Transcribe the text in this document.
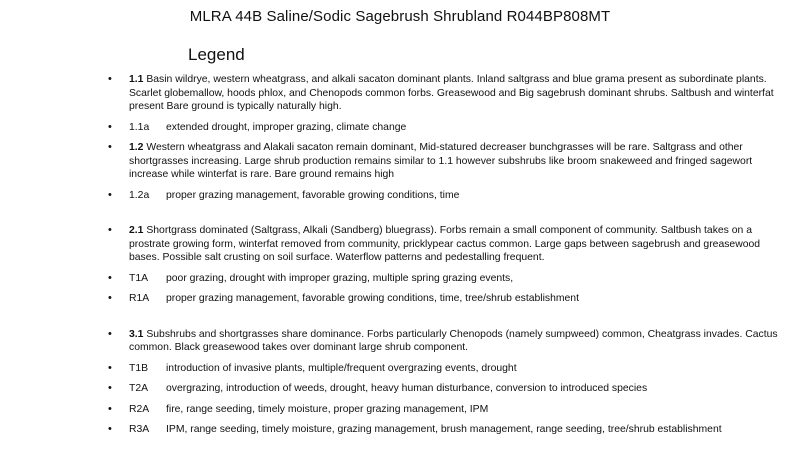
MLRA 44B Saline/Sodic Sagebrush Shrubland R044BP808MT
Legend
• 1.1 Basin wildrye, western wheatgrass, and alkali sacaton dominant plants. Inland saltgrass and blue grama present as subordinate plants. Scarlet globemallow, hoods phlox, and Chenopods common forbs. Greasewood and Big sagebrush dominant shrubs. Saltbush and winterfat present Bare ground is typically naturally high.
• 1.1a	extended drought, improper grazing, climate change
• 1.2 Western wheatgrass and Alakali sacaton remain dominant, Mid-statured decreaser bunchgrasses will be rare. Saltgrass and other shortgrasses increasing. Large shrub production remains similar to 1.1 however subshrubs like broom snakeweed and fringed sagewort increase while winterfat is rare. Bare ground remains high
• 1.2a	proper grazing management, favorable growing conditions, time
• 2.1 Shortgrass dominated (Saltgrass, Alkali (Sandberg) bluegrass). Forbs remain a small component of community. Saltbush takes on a prostrate growing form, winterfat removed from community, pricklypear cactus common. Large gaps between sagebrush and greasewood bases. Possible salt crusting on soil surface. Waterflow patterns and pedestalling frequent.
• T1A	poor grazing, drought with improper grazing, multiple spring grazing events,
• R1A	proper grazing management, favorable growing conditions, time, tree/shrub establishment
• 3.1 Subshrubs and shortgrasses share dominance. Forbs particularly Chenopods (namely sumpweed) common, Cheatgrass invades. Cactus common. Black greasewood takes over dominant large shrub component.
• T1B	introduction of invasive plants, multiple/frequent overgrazing events, drought
• T2A	overgrazing, introduction of weeds, drought, heavy human disturbance, conversion to introduced species
• R2A	fire, range seeding, timely moisture, proper grazing management, IPM
• R3A	IPM, range seeding, timely moisture, grazing management, brush management, range seeding, tree/shrub establishment
